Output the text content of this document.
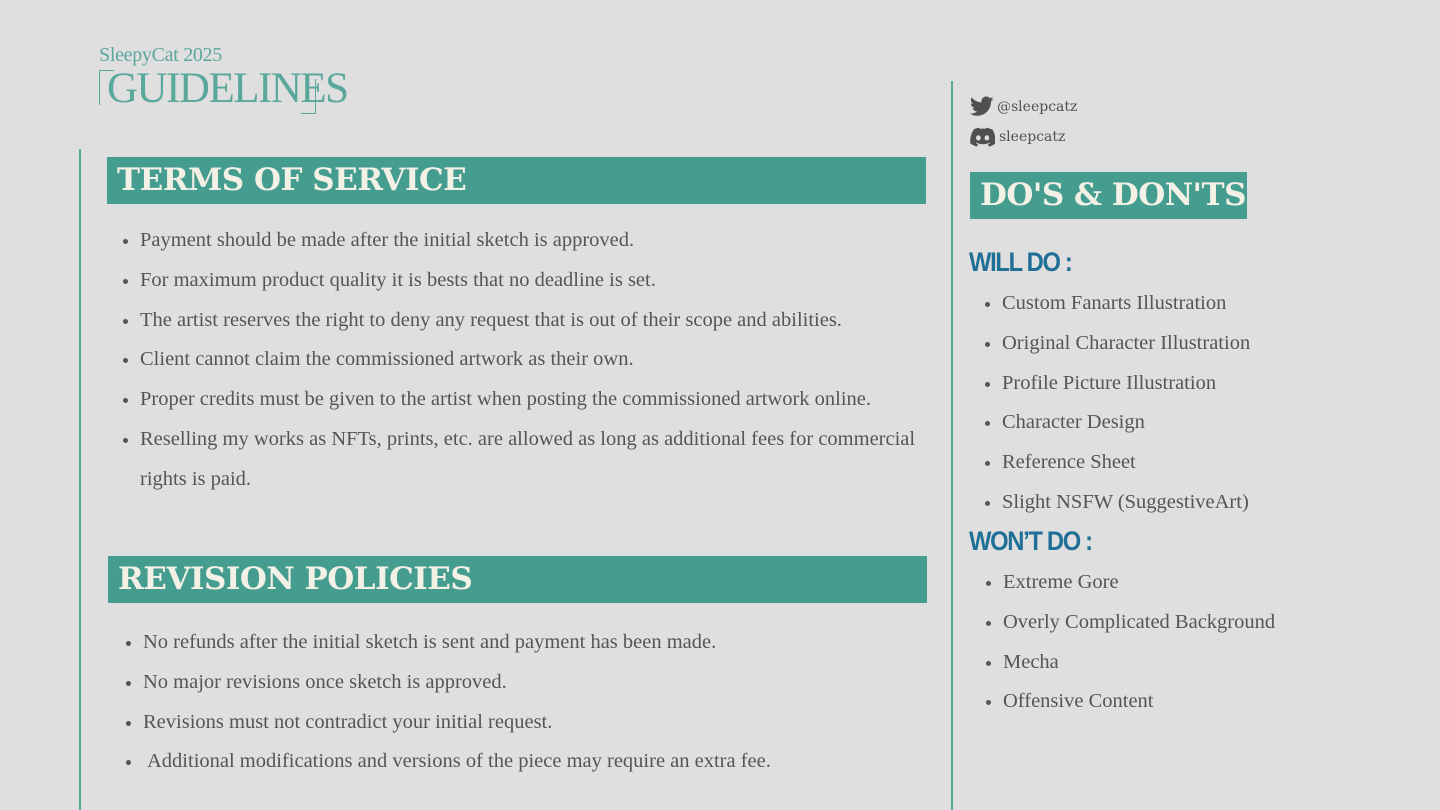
SleepyCat 2025
GUIDELINES
TERMS OF SERVICE
• Payment should be made after the initial sketch is approved.
• For maximum product quality it is bests that no deadline is set.
• The artist reserves the right to deny any request that is out of their scope and abilities.
• Client cannot claim the commissioned artwork as their own.
• Proper credits must be given to the artist when posting the commissioned artwork online.
• Reselling my works as NFTs, prints, etc. are allowed as long as additional fees for commercial rights is paid.
REVISION POLICIES
• No refunds after the initial sketch is sent and payment has been made.
• No major revisions once sketch is approved.
• Revisions must not contradict your initial request.
•  Additional modifications and versions of the piece may require an extra fee.
@sleepcatz
sleepcatz
DO'S & DON'TS
WILL DO :
• Custom Fanarts Illustration
• Original Character Illustration
• Profile Picture Illustration
• Character Design
• Reference Sheet
• Slight NSFW (SuggestiveArt)
WON’T DO :
• Extreme Gore
• Overly Complicated Background
• Mecha
• Offensive Content
